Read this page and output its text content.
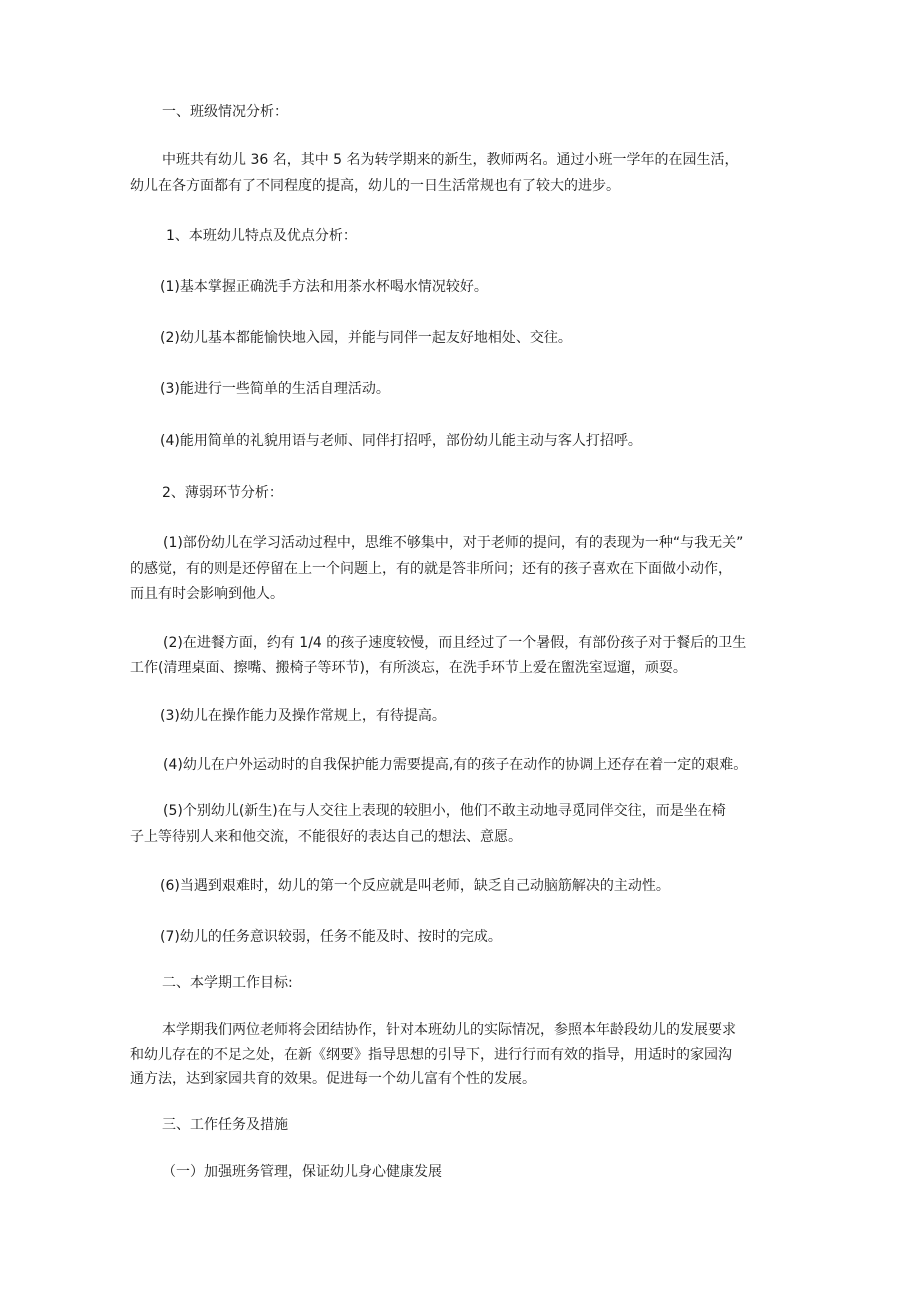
一、班级情况分析：
中班共有幼儿 36 名，其中 5 名为转学期来的新生，教师两名。通过小班一学年的在园生活，
幼儿在各方面都有了不同程度的提高，幼儿的一日生活常规也有了较大的进步。
1、本班幼儿特点及优点分析：
(1)基本掌握正确洗手方法和用茶水杯喝水情况较好。
(2)幼儿基本都能愉快地入园，并能与同伴一起友好地相处、交往。
(3)能进行一些简单的生活自理活动。
(4)能用简单的礼貌用语与老师、同伴打招呼，部份幼儿能主动与客人打招呼。
2、薄弱环节分析：
(1)部份幼儿在学习活动过程中，思维不够集中，对于老师的提问，有的表现为一种“与我无关”
的感觉，有的则是还停留在上一个问题上，有的就是答非所问；还有的孩子喜欢在下面做小动作，
而且有时会影响到他人。
(2)在进餐方面，约有 1/4 的孩子速度较慢，而且经过了一个暑假，有部份孩子对于餐后的卫生
工作(清理桌面、擦嘴、搬椅子等环节)，有所淡忘，在洗手环节上爱在盥洗室逗遛，顽耍。
(3)幼儿在操作能力及操作常规上，有待提高。
(4)幼儿在户外运动时的自我保护能力需要提高,有的孩子在动作的协调上还存在着一定的艰难。
(5)个别幼儿(新生)在与人交往上表现的较胆小，他们不敢主动地寻觅同伴交往，而是坐在椅
子上等待别人来和他交流，不能很好的表达自己的想法、意愿。
(6)当遇到艰难时，幼儿的第一个反应就是叫老师，缺乏自己动脑筋解决的主动性。
(7)幼儿的任务意识较弱，任务不能及时、按时的完成。
二、本学期工作目标:
本学期我们两位老师将会团结协作，针对本班幼儿的实际情况，参照本年龄段幼儿的发展要求
和幼儿存在的不足之处，在新《纲要》指导思想的引导下，进行行而有效的指导，用适时的家园沟
通方法，达到家园共育的效果。促进每一个幼儿富有个性的发展。
三、工作任务及措施
（一）加强班务管理，保证幼儿身心健康发展
